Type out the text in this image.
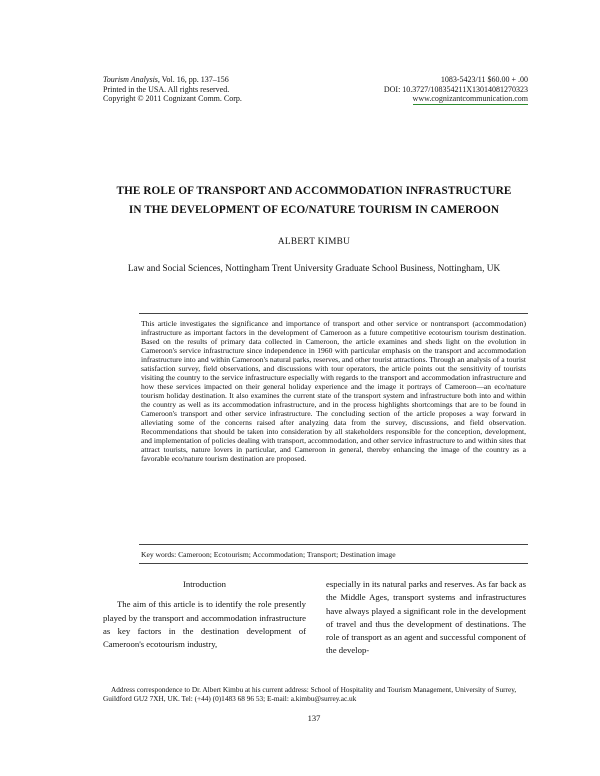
Tourism Analysis, Vol. 16, pp. 137–156
Printed in the USA. All rights reserved.
Copyright © 2011 Cognizant Comm. Corp.
1083-5423/11 $60.00 + .00
DOI: 10.3727/108354211X13014081270323
www.cognizantcommunication.com
THE ROLE OF TRANSPORT AND ACCOMMODATION INFRASTRUCTURE
IN THE DEVELOPMENT OF ECO/NATURE TOURISM IN CAMEROON
ALBERT KIMBU
Law and Social Sciences, Nottingham Trent University Graduate School Business, Nottingham, UK
This article investigates the significance and importance of transport and other service or nontransport (accommodation) infrastructure as important factors in the development of Cameroon as a future competitive ecotourism tourism destination. Based on the results of primary data collected in Cameroon, the article examines and sheds light on the evolution in Cameroon's service infrastructure since independence in 1960 with particular emphasis on the transport and accommodation infrastructure into and within Cameroon's natural parks, reserves, and other tourist attractions. Through an analysis of a tourist satisfaction survey, field observations, and discussions with tour operators, the article points out the sensitivity of tourists visiting the country to the service infrastructure especially with regards to the transport and accommodation infrastructure and how these services impacted on their general holiday experience and the image it portrays of Cameroon—an eco/nature tourism holiday destination. It also examines the current state of the transport system and infrastructure both into and within the country as well as its accommodation infrastructure, and in the process highlights shortcomings that are to be found in Cameroon's transport and other service infrastructure. The concluding section of the article proposes a way forward in alleviating some of the concerns raised after analyzing data from the survey, discussions, and field observation. Recommendations that should be taken into consideration by all stakeholders responsible for the conception, development, and implementation of policies dealing with transport, accommodation, and other service infrastructure to and within sites that attract tourists, nature lovers in particular, and Cameroon in general, thereby enhancing the image of the country as a favorable eco/nature tourism destination are proposed.
Key words: Cameroon; Ecotourism; Accommodation; Transport; Destination image
Introduction

The aim of this article is to identify the role presently played by the transport and accommodation infrastructure as key factors in the destination development of Cameroon's ecotourism industry,

especially in its natural parks and reserves. As far back as the Middle Ages, transport systems and infrastructures have always played a significant role in the development of travel and thus the development of destinations. The role of transport as an agent and successful component of the develop-

Address correspondence to Dr. Albert Kimbu at his current address: School of Hospitality and Tourism Management, University of Surrey, Guildford GU2 7XH, UK. Tel: (+44) (0)1483 68 96 53; E-mail: a.kimbu@surrey.ac.uk
137
